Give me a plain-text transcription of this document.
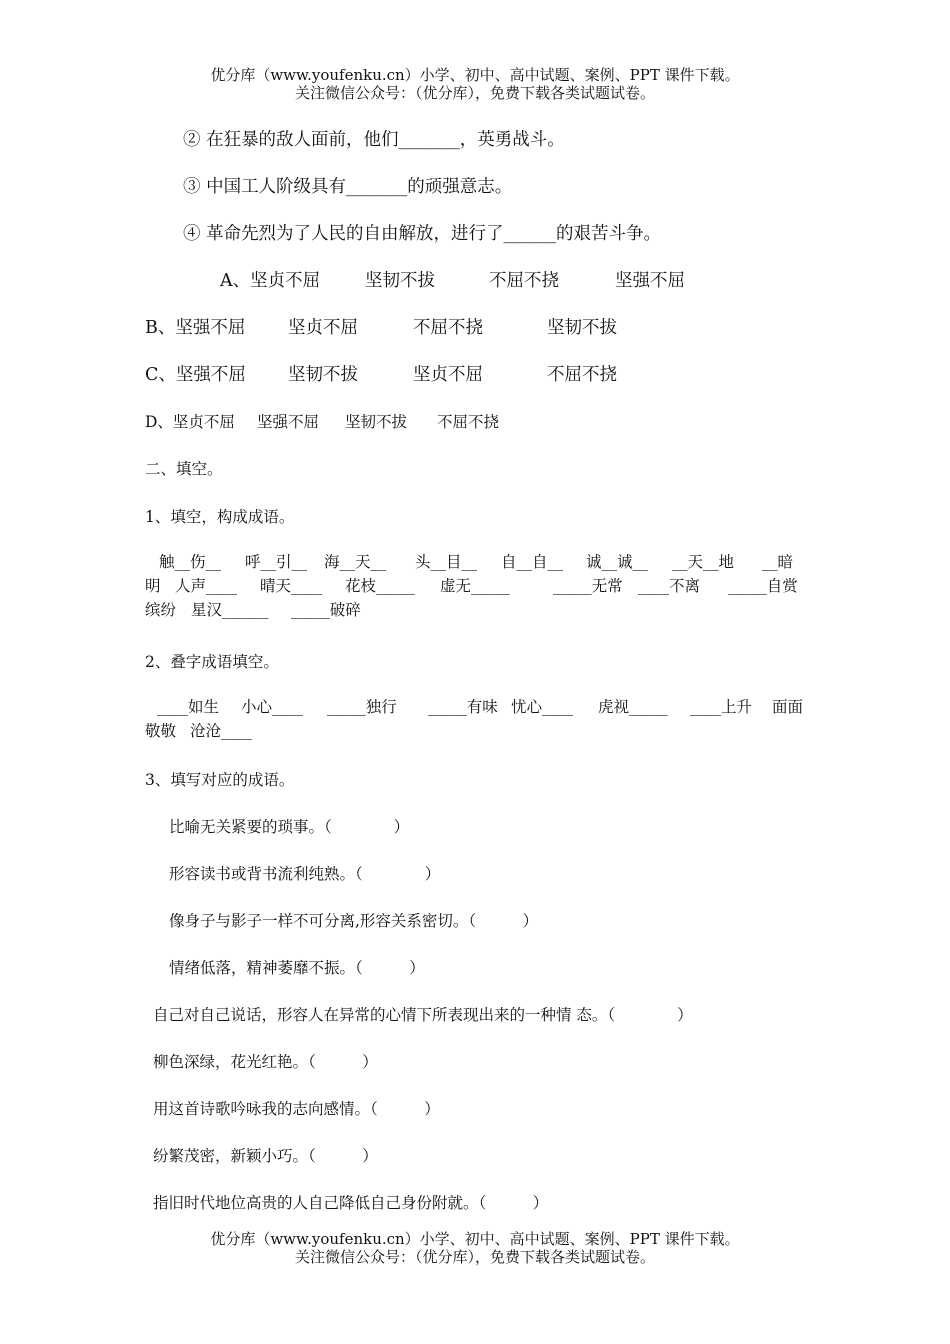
优分库（www.youfenku.cn）小学、初中、高中试题、案例、PPT 课件下载。
关注微信公众号：（优分库），免费下载各类试题试卷。
② 在狂暴的敌人面前，他们_______，英勇战斗。
③ 中国工人阶级具有_______的顽强意志。
④ 革命先烈为了人民的自由解放，进行了______的艰苦斗争。
A、坚贞不屈	坚韧不拔	不屈不挠	坚强不屈
B、坚强不屈 坚贞不屈	不屈不挠	坚韧不拔
C、坚强不屈 坚韧不拔	坚贞不屈	不屈不挠
D、坚贞不屈 坚强不屈 坚韧不拔 不屈不挠
二、填空。
1、填空，构成成语。
触__伤__ 呼__引__ 海__天__ 头__目__ 自__自__ 诚__诚__ __天__地 __暗
明 人声____ 晴天____ 花枝_____ 虚无_____	_____无常 ____不离 _____自赏
缤纷 星汉______ _____破碎
2、叠字成语填空。
____如生 小心____ _____独行 _____有味 忧心____ 虎视_____ ____上升 面面
敬敬 沧沧____
3、填写对应的成语。
比喻无关紧要的琐事。（　　　　）
形容读书或背书流利纯熟。（　　　　）
像身子与影子一样不可分离,形容关系密切。（　　　）
情绪低落，精神萎靡不振。（　　　）
自己对自己说话，形容人在异常的心情下所表现出来的一种情 态。（　　　　）
柳色深绿，花光红艳。（　　　）
用这首诗歌吟咏我的志向感情。（　　　）
纷繁茂密，新颖小巧。（　　　）
指旧时代地位高贵的人自己降低自己身份附就。（　　　）
优分库（www.youfenku.cn）小学、初中、高中试题、案例、PPT 课件下载。
关注微信公众号：（优分库），免费下载各类试题试卷。
